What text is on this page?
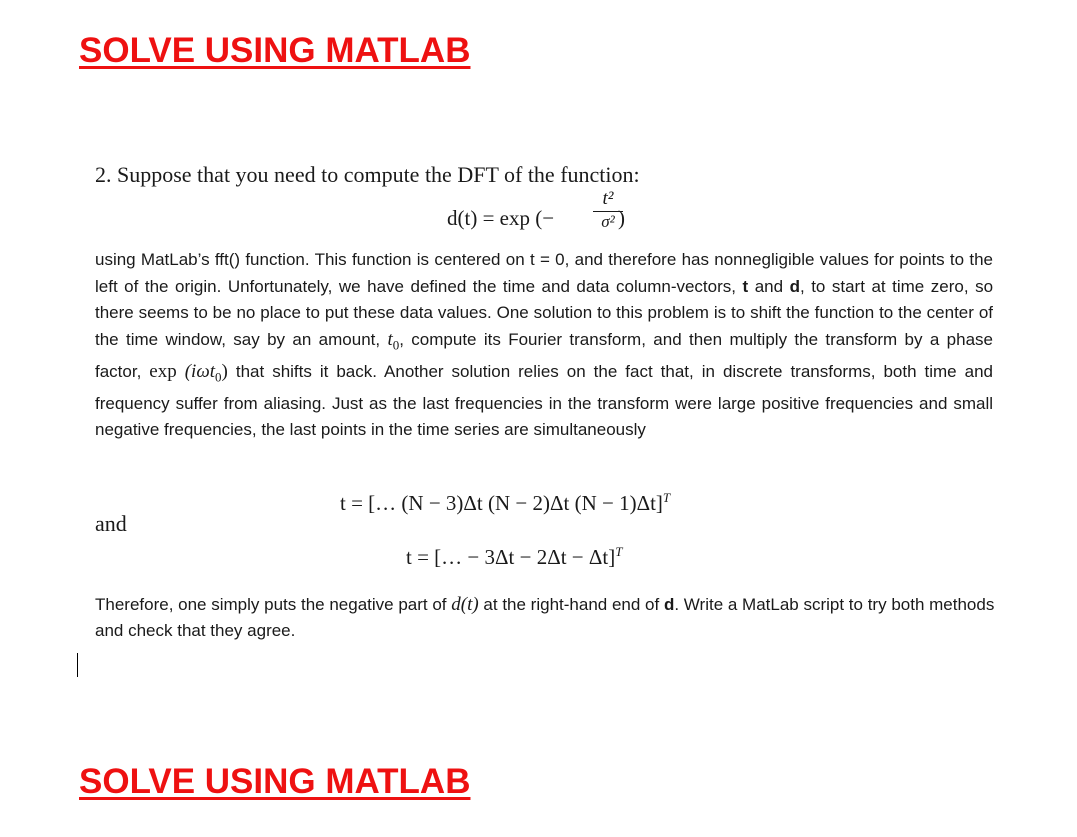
SOLVE USING MATLAB
2. Suppose that you need to compute the DFT of the function:
d(t) = exp (−
t²
σ² )
using MatLab’s fft() function. This function is centered on t = 0, and therefore has nonnegligible values for points to the left of the origin. Unfortunately, we have defined the time and data column-vectors, t and d, to start at time zero, so there seems to be no place to put these data values. One solution to this problem is to shift the function to the center of the time window, say by an amount, $t_0$, compute its Fourier transform, and then multiply the transform by a phase factor, exp (iωt$_0$) that shifts it back. Another solution relies on the fact that, in discrete transforms, both time and frequency suffer from aliasing. Just as the last frequencies in the transform were large positive frequencies and small negative frequencies, the last points in the time series are simultaneously
t = [… (N − 3)Δt (N − 2)Δt (N − 1)Δt]$^T$
and
t = [… − 3Δt − 2Δt − Δt]$^T$
Therefore, one simply puts the negative part of d(t) at the right-hand end of d. Write a MatLab script to try both methods and check that they agree.
SOLVE USING MATLAB
